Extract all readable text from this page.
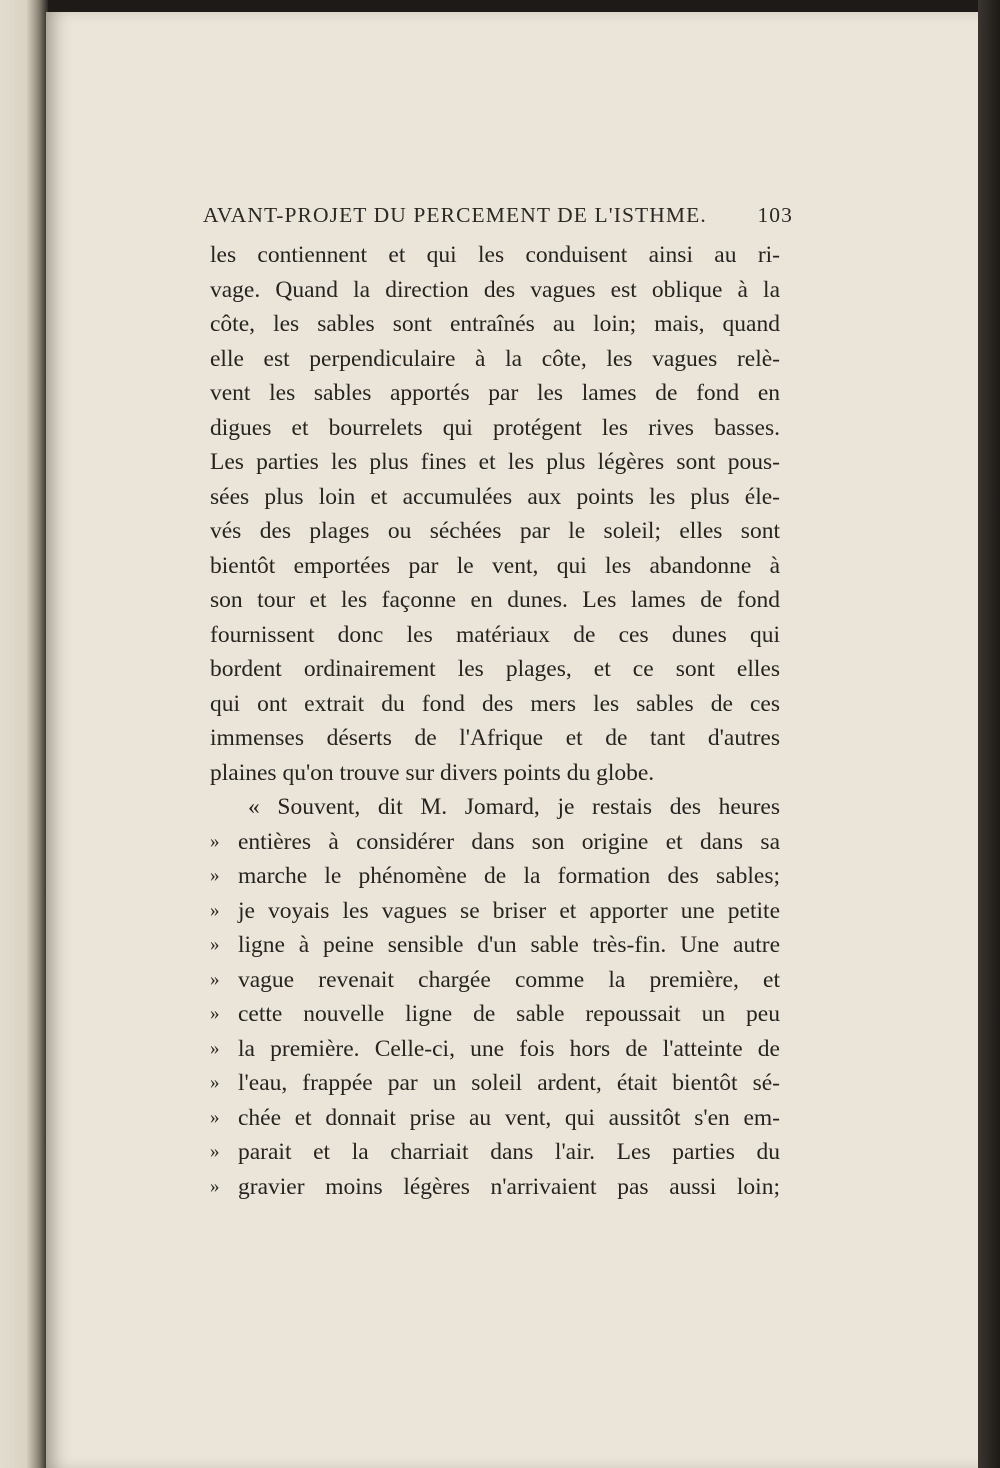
AVANT-PROJET DU PERCEMENT DE L'ISTHME. 103
les contiennent et qui les conduisent ainsi au ri-
vage. Quand la direction des vagues est oblique à la
côte, les sables sont entraînés au loin; mais, quand
elle est perpendiculaire à la côte, les vagues relè-
vent les sables apportés par les lames de fond en
digues et bourrelets qui protégent les rives basses.
Les parties les plus fines et les plus légères sont pous-
sées plus loin et accumulées aux points les plus éle-
vés des plages ou séchées par le soleil; elles sont
bientôt emportées par le vent, qui les abandonne à
son tour et les façonne en dunes. Les lames de fond
fournissent donc les matériaux de ces dunes qui
bordent ordinairement les plages, et ce sont elles
qui ont extrait du fond des mers les sables de ces
immenses déserts de l'Afrique et de tant d'autres
plaines qu'on trouve sur divers points du globe.
« Souvent, dit M. Jomard, je restais des heures
» entières à considérer dans son origine et dans sa
» marche le phénomène de la formation des sables;
» je voyais les vagues se briser et apporter une petite
» ligne à peine sensible d'un sable très-fin. Une autre
» vague revenait chargée comme la première, et
» cette nouvelle ligne de sable repoussait un peu
» la première. Celle-ci, une fois hors de l'atteinte de
» l'eau, frappée par un soleil ardent, était bientôt sé-
» chée et donnait prise au vent, qui aussitôt s'en em-
» parait et la charriait dans l'air. Les parties du
» gravier moins légères n'arrivaient pas aussi loin;
